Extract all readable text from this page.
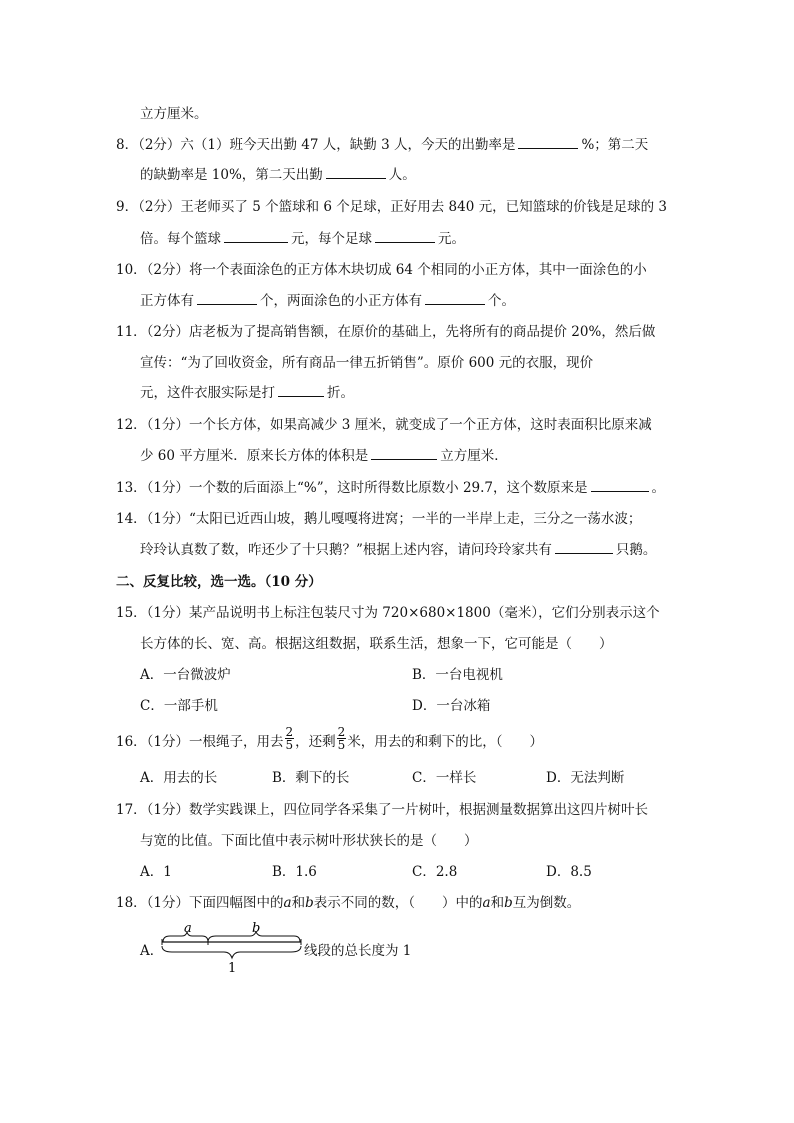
立方厘米。
8．（2分）六（1）班今天出勤 47 人，缺勤 3 人，今天的出勤率是	%；第二天
的缺勤率是 10%，第二天出勤	人。
9．（2分）王老师买了 5 个篮球和 6 个足球，正好用去 840 元，已知篮球的价钱是足球的 3
倍。每个篮球	元，每个足球	元。
10．（2分）将一个表面涂色的正方体木块切成 64 个相同的小正方体，其中一面涂色的小
正方体有	个，两面涂色的小正方体有	个。
11．（2分）店老板为了提高销售额，在原价的基础上，先将所有的商品提价 20%，然后做
宣传：“为了回收资金，所有商品一律五折销售”。原价 600 元的衣服，现价
元，这件衣服实际是打	折。
12．（1分）一个长方体，如果高减少 3 厘米，就变成了一个正方体，这时表面积比原来减
少 60 平方厘米．原来长方体的体积是	立方厘米．
13．（1分）一个数的后面添上“%”，这时所得数比原数小 29.7，这个数原来是	。
14．（1分）“太阳已近西山坡，鹅儿嘎嘎将进窝；一半的一半岸上走，三分之一荡水波；
玲玲认真数了数，咋还少了十只鹅？”根据上述内容，请问玲玲家共有	只鹅。
二、反复比较，选一选。（10 分）
15．（1分）某产品说明书上标注包装尺寸为 720×680×1800（毫米），它们分别表示这个
长方体的长、宽、高。根据这组数据，联系生活，想象一下，它可能是（　　）
A．一台微波炉	B．一台电视机
C．一部手机	D．一台冰箱
16．（1分）一根绳子，用去 $\frac{2}{5}$ ，还剩 $\frac{2}{5}$ 米，用去的和剩下的比，（　　）
A．用去的长	B．剩下的长	C．一样长	D．无法判断
17．（1分）数学实践课上，四位同学各采集了一片树叶，根据测量数据算出这四片树叶长
与宽的比值。下面比值中表示树叶形状狭长的是（　　）
A．1	B．1.6	C．2.8	D．8.5
18．（1分）下面四幅图中的a和b表示不同的数，（　　）中的a和b互为倒数。
A．
a	b
1
线段的总长度为 1
